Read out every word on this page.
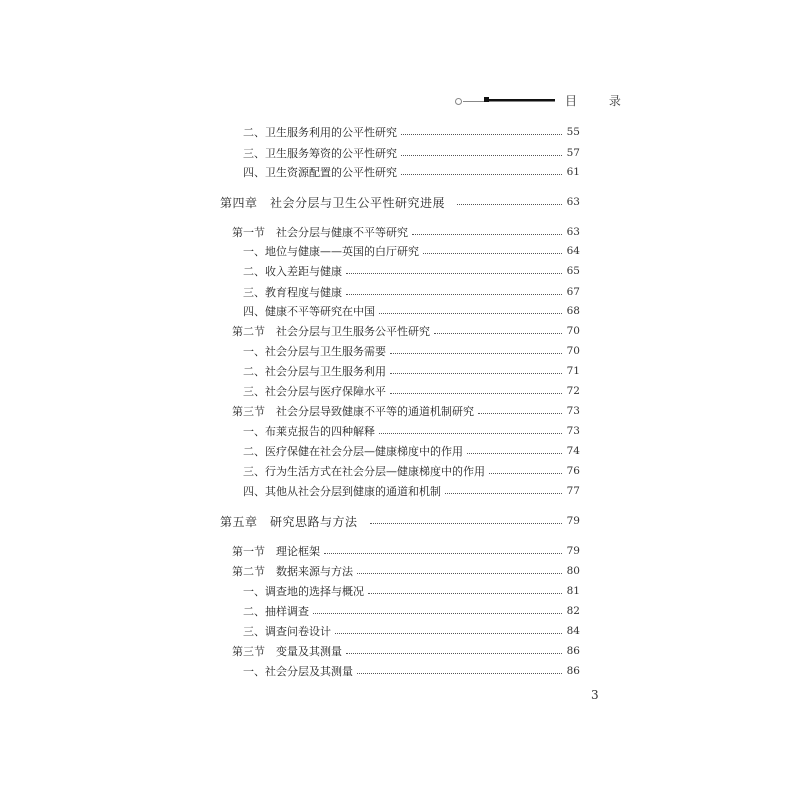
目 录
二、卫生服务利用的公平性研究	55
三、卫生服务筹资的公平性研究	57
四、卫生资源配置的公平性研究	61
第四章　社会分层与卫生公平性研究进展	63
第一节　社会分层与健康不平等研究	63
一、地位与健康——英国的白厅研究	64
二、收入差距与健康	65
三、教育程度与健康	67
四、健康不平等研究在中国	68
第二节　社会分层与卫生服务公平性研究	70
一、社会分层与卫生服务需要	70
二、社会分层与卫生服务利用	71
三、社会分层与医疗保障水平	72
第三节　社会分层导致健康不平等的通道机制研究	73
一、布莱克报告的四种解释	73
二、医疗保健在社会分层—健康梯度中的作用	74
三、行为生活方式在社会分层—健康梯度中的作用	76
四、其他从社会分层到健康的通道和机制	77
第五章　研究思路与方法	79
第一节　理论框架	79
第二节　数据来源与方法	80
一、调查地的选择与概况	81
二、抽样调查	82
三、调查问卷设计	84
第三节　变量及其测量	86
一、社会分层及其测量	86
3
